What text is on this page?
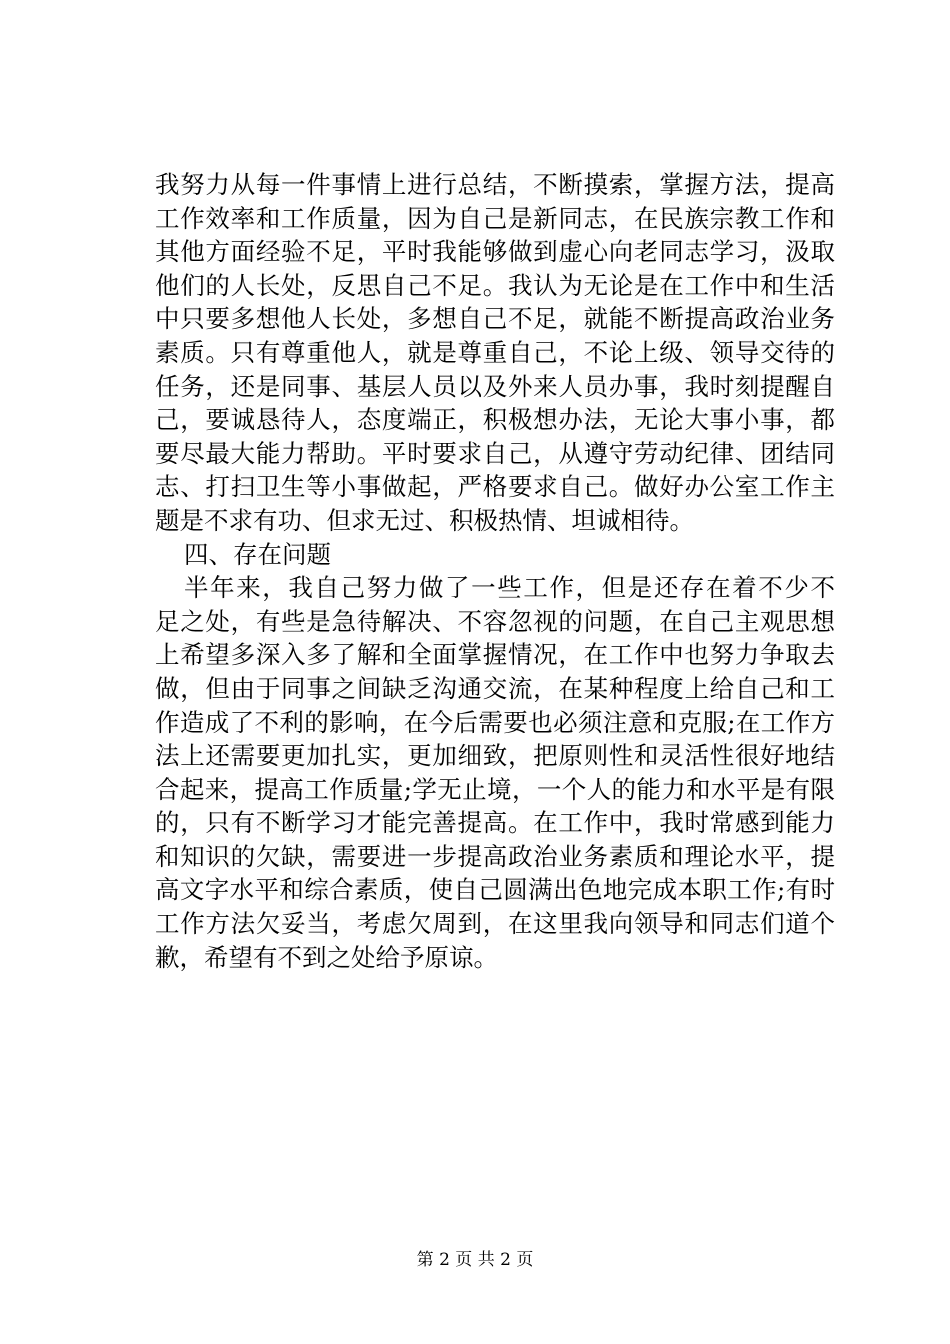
我努力从每一件事情上进行总结，不断摸索，掌握方法，提高
工作效率和工作质量，因为自己是新同志，在民族宗教工作和
其他方面经验不足，平时我能够做到虚心向老同志学习，汲取
他们的人长处，反思自己不足。我认为无论是在工作中和生活
中只要多想他人长处，多想自己不足，就能不断提高政治业务
素质。只有尊重他人，就是尊重自己，不论上级、领导交待的
任务，还是同事、基层人员以及外来人员办事，我时刻提醒自
己，要诚恳待人，态度端正，积极想办法，无论大事小事，都
要尽最大能力帮助。平时要求自己，从遵守劳动纪律、团结同
志、打扫卫生等小事做起，严格要求自己。做好办公室工作主
题是不求有功、但求无过、积极热情、坦诚相待。
四、存在问题
半年来，我自己努力做了一些工作，但是还存在着不少不
足之处，有些是急待解决、不容忽视的问题，在自己主观思想
上希望多深入多了解和全面掌握情况，在工作中也努力争取去
做，但由于同事之间缺乏沟通交流，在某种程度上给自己和工
作造成了不利的影响，在今后需要也必须注意和克服;在工作方
法上还需要更加扎实，更加细致，把原则性和灵活性很好地结
合起来，提高工作质量;学无止境，一个人的能力和水平是有限
的，只有不断学习才能完善提高。在工作中，我时常感到能力
和知识的欠缺，需要进一步提高政治业务素质和理论水平，提
高文字水平和综合素质，使自己圆满出色地完成本职工作;有时
工作方法欠妥当，考虑欠周到，在这里我向领导和同志们道个
歉，希望有不到之处给予原谅。
第 2 页 共 2 页
